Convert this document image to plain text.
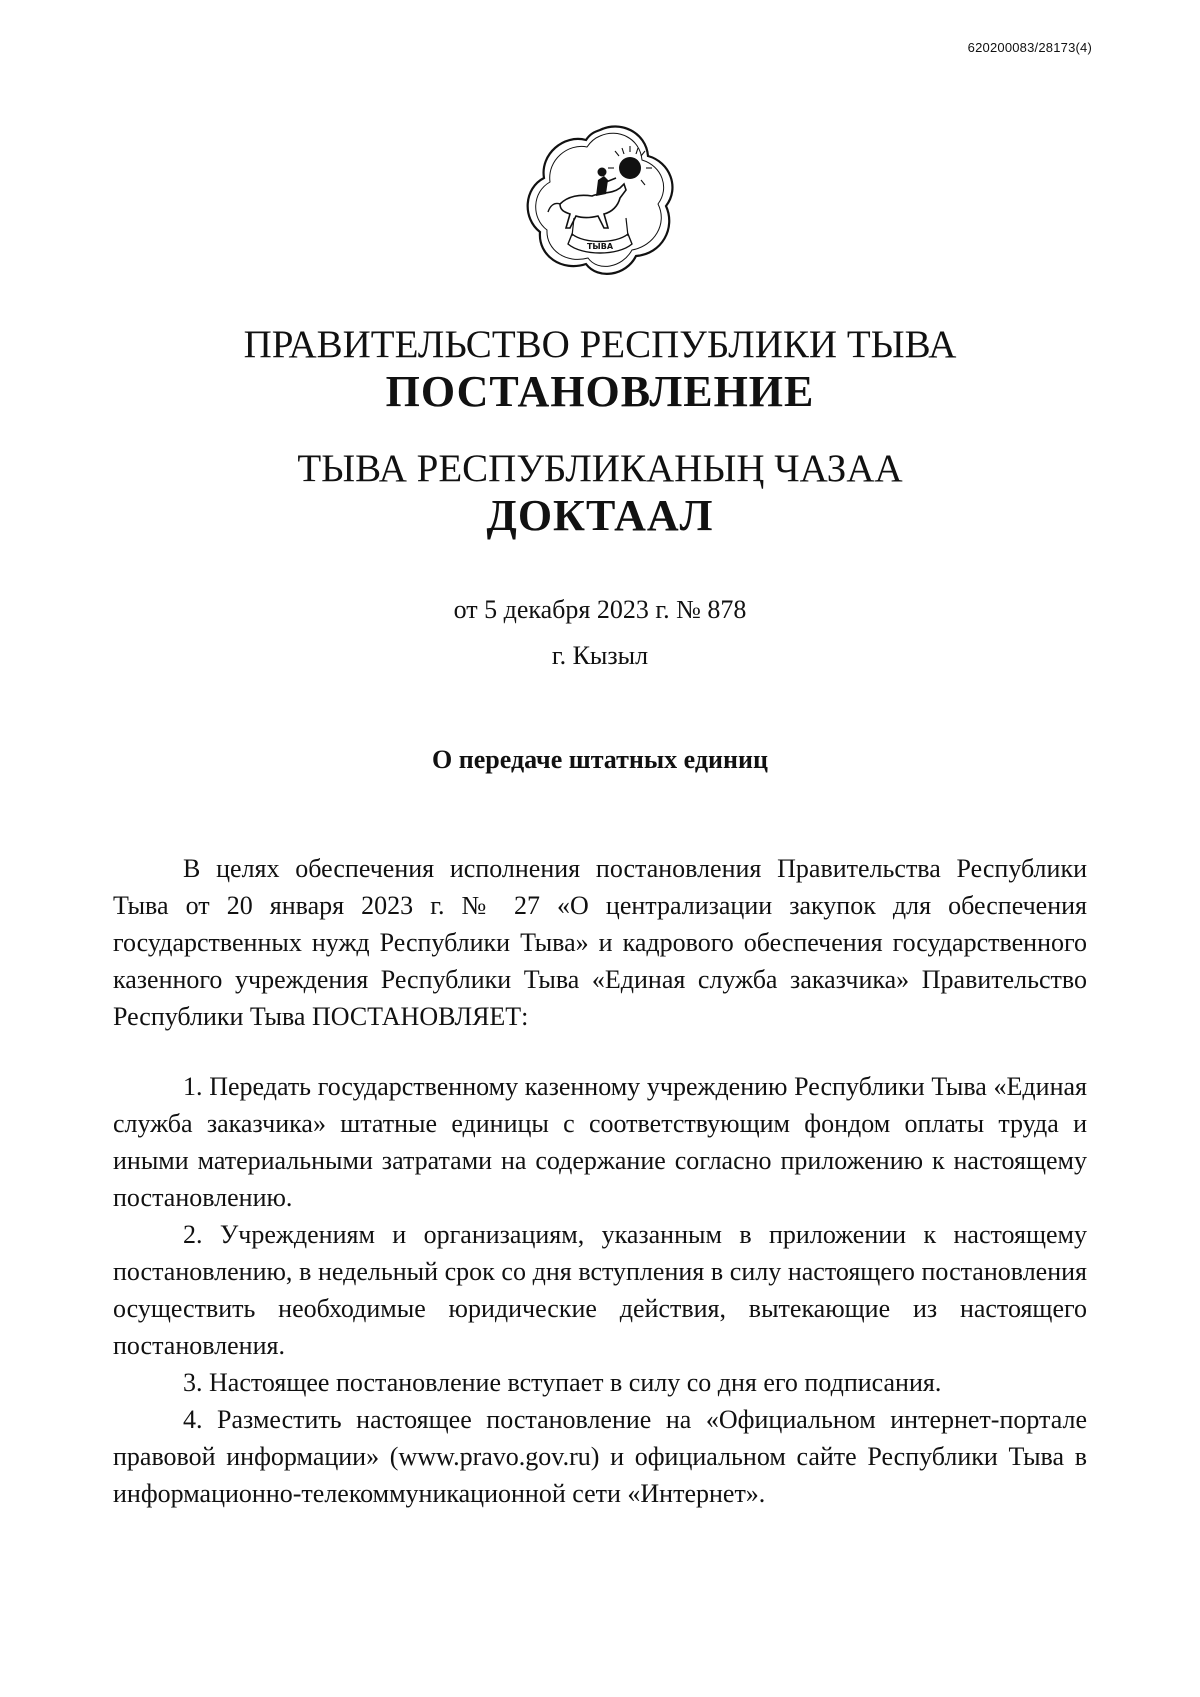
620200083/28173(4)
ТЫВА
ПРАВИТЕЛЬСТВО РЕСПУБЛИКИ ТЫВА
ПОСТАНОВЛЕНИЕ
ТЫВА РЕСПУБЛИКАНЫҢ ЧАЗАА
ДОКТААЛ
от 5 декабря 2023 г. № 878
г. Кызыл
О передаче штатных единиц

В целях обеспечения исполнения постановления Правительства Республики Тыва от 20 января 2023 г. № 27 «О централизации закупок для обеспечения государственных нужд Республики Тыва» и кадрового обеспечения государственного казенного учреждения Республики Тыва «Единая служба заказчика» Правительство Республики Тыва ПОСТАНОВЛЯЕТ:

1. Передать государственному казенному учреждению Республики Тыва «Единая служба заказчика» штатные единицы с соответствующим фондом оплаты труда и иными материальными затратами на содержание согласно приложению к настоящему постановлению.

2. Учреждениям и организациям, указанным в приложении к настоящему постановлению, в недельный срок со дня вступления в силу настоящего постановления осуществить необходимые юридические действия, вытекающие из настоящего постановления.

3. Настоящее постановление вступает в силу со дня его подписания.

4. Разместить настоящее постановление на «Официальном интернет-портале правовой информации» (www.pravo.gov.ru) и официальном сайте Республики Тыва в информационно-телекоммуникационной сети «Интернет».
